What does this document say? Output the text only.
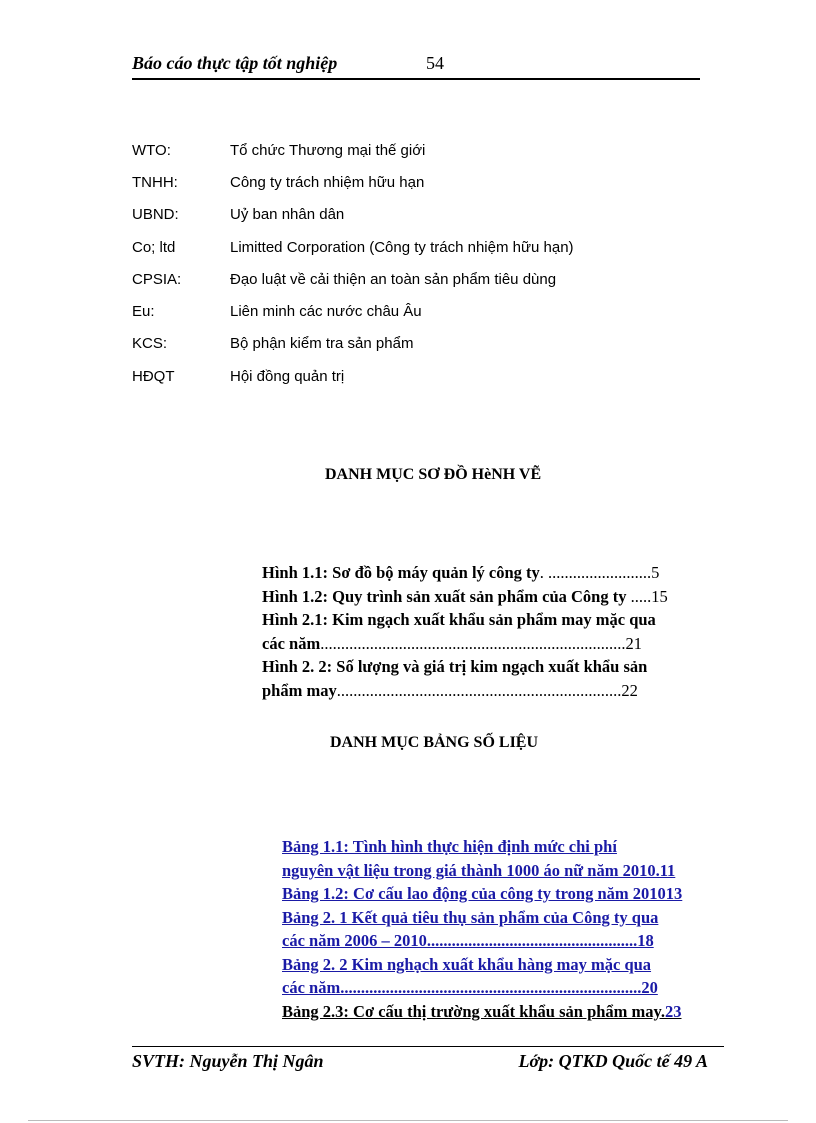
Báo cáo thực tập tốt nghiệp	54
WTO:	Tổ chức Thương mại thế giới
TNHH:	Công ty trách nhiệm hữu hạn
UBND:	Uỷ ban nhân dân
Co; ltd	Limitted Corporation (Công ty trách nhiệm hữu hạn)
CPSIA:	Đạo luật về cải thiện an toàn sản phẩm tiêu dùng
Eu:	Liên minh các nước châu Âu
KCS:	Bộ phận kiểm tra sản phẩm
HĐQT	Hội đồng quản trị
DANH MỤC SƠ ĐỒ HèNH VẼ
Hình 1.1: Sơ đồ bộ máy quản lý công ty. .........................5
Hình 1.2: Quy trình sản xuất sản phẩm của Công ty .....15
Hình 2.1: Kim ngạch xuất khẩu sản phẩm may mặc qua
các năm..........................................................................21
Hình 2. 2: Số lượng và giá trị kim ngạch xuất khẩu sản
phẩm may.....................................................................22
DANH MỤC BẢNG SỐ LIỆU
Bảng 1.1: Tình hình thực hiện định mức chi phí
nguyên vật liệu trong giá thành 1000 áo nữ năm 2010.11
Bảng 1.2: Cơ cấu lao động của công ty trong năm 201013
Bảng 2. 1 Kết quả tiêu thụ sản phẩm của Công ty qua
các năm 2006 – 2010...................................................18
Bảng 2. 2 Kim nghạch xuất khẩu hàng may mặc qua
các năm.........................................................................20
Bảng 2.3: Cơ cấu thị trường xuất khẩu sản phẩm may.23
SVTH: Nguyễn Thị Ngân	Lớp: QTKD Quốc tế 49 A
